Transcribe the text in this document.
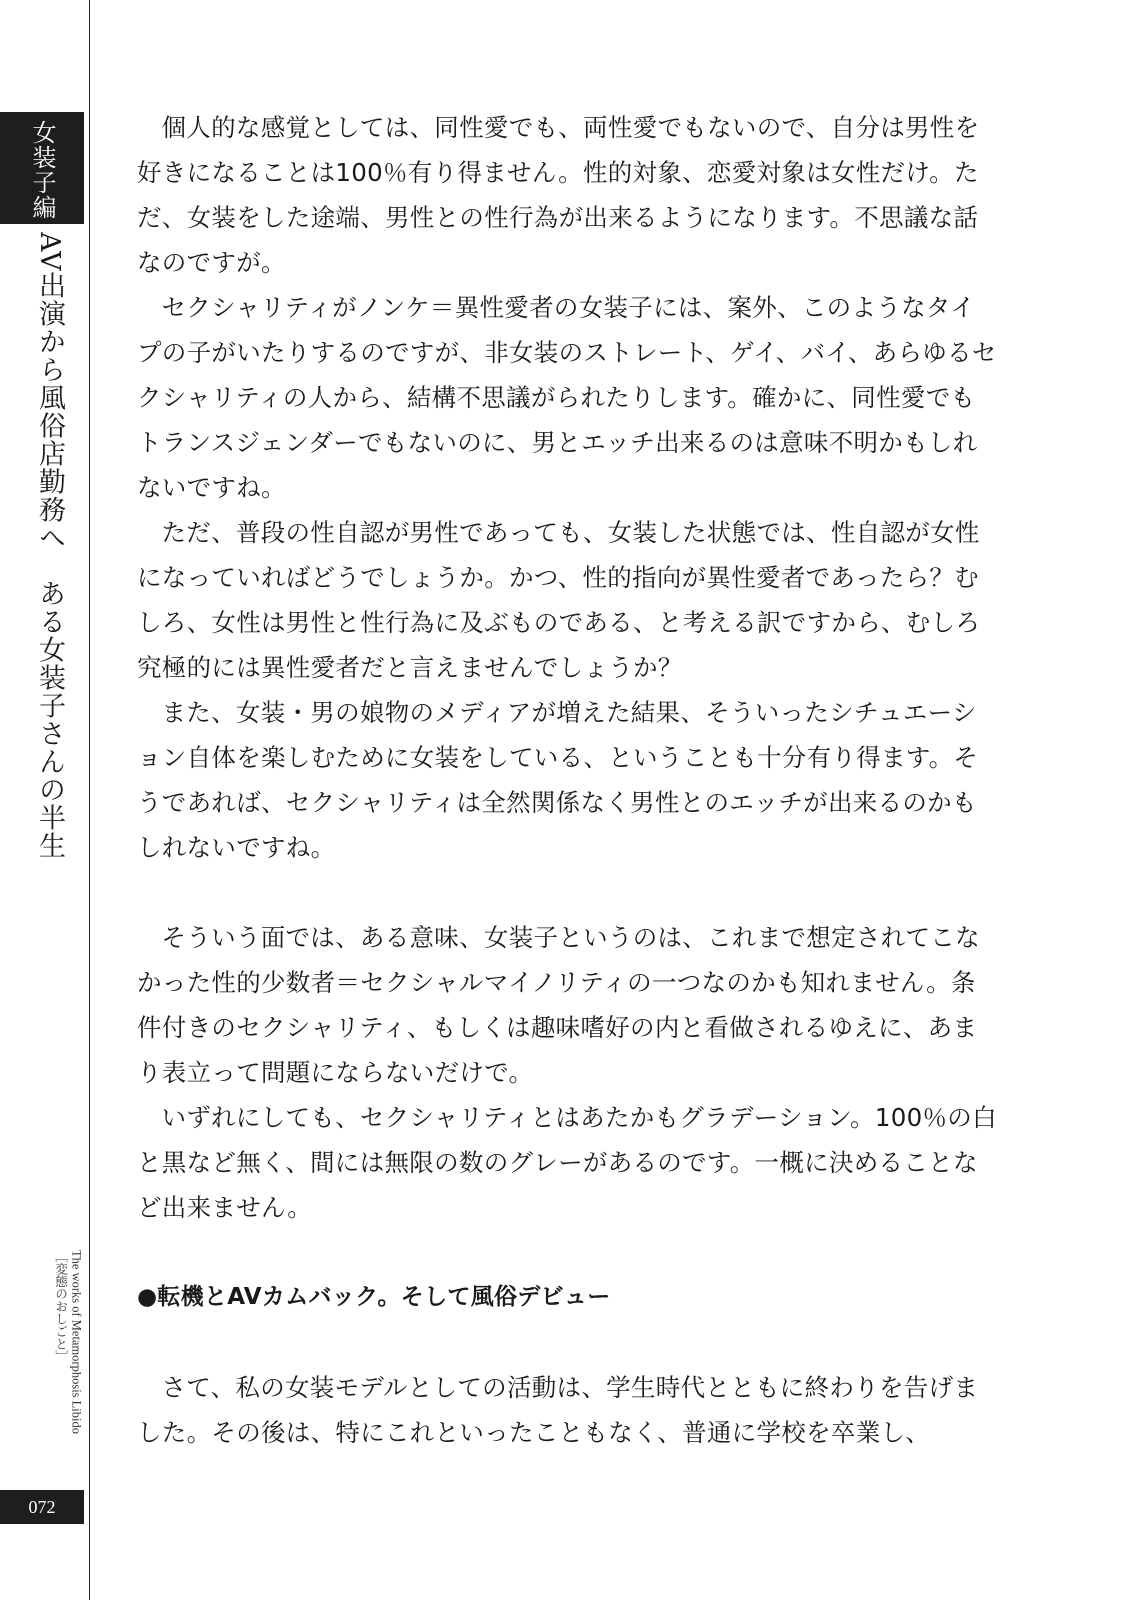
女装子編
AV出演から風俗店勤務へ　ある女装子さんの半生
The works of Metamorphosis Libido
［変態のおしごと］
072

個人的な感覚としては、同性愛でも、両性愛でもないので、自分は男性を好きになることは100％有り得ません。性的対象、恋愛対象は女性だけ。ただ、女装をした途端、男性との性行為が出来るようになります。不思議な話なのですが。

セクシャリティがノンケ＝異性愛者の女装子には、案外、このようなタイプの子がいたりするのですが、非女装のストレート、ゲイ、バイ、あらゆるセクシャリティの人から、結構不思議がられたりします。確かに、同性愛でもトランスジェンダーでもないのに、男とエッチ出来るのは意味不明かもしれないですね。

ただ、普段の性自認が男性であっても、女装した状態では、性自認が女性になっていればどうでしょうか。かつ、性的指向が異性愛者であったら？むしろ、女性は男性と性行為に及ぶものである、と考える訳ですから、むしろ究極的には異性愛者だと言えませんでしょうか？

また、女装・男の娘物のメディアが増えた結果、そういったシチュエーション自体を楽しむために女装をしている、ということも十分有り得ます。そうであれば、セクシャリティは全然関係なく男性とのエッチが出来るのかもしれないですね。

そういう面では、ある意味、女装子というのは、これまで想定されてこなかった性的少数者＝セクシャルマイノリティの一つなのかも知れません。条件付きのセクシャリティ、もしくは趣味嗜好の内と看做されるゆえに、あまり表立って問題にならないだけで。

いずれにしても、セクシャリティとはあたかもグラデーション。100％の白と黒など無く、間には無限の数のグレーがあるのです。一概に決めることなど出来ません。

●転機とAVカムバック。そして風俗デビュー

さて、私の女装モデルとしての活動は、学生時代とともに終わりを告げました。その後は、特にこれといったこともなく、普通に学校を卒業し、
